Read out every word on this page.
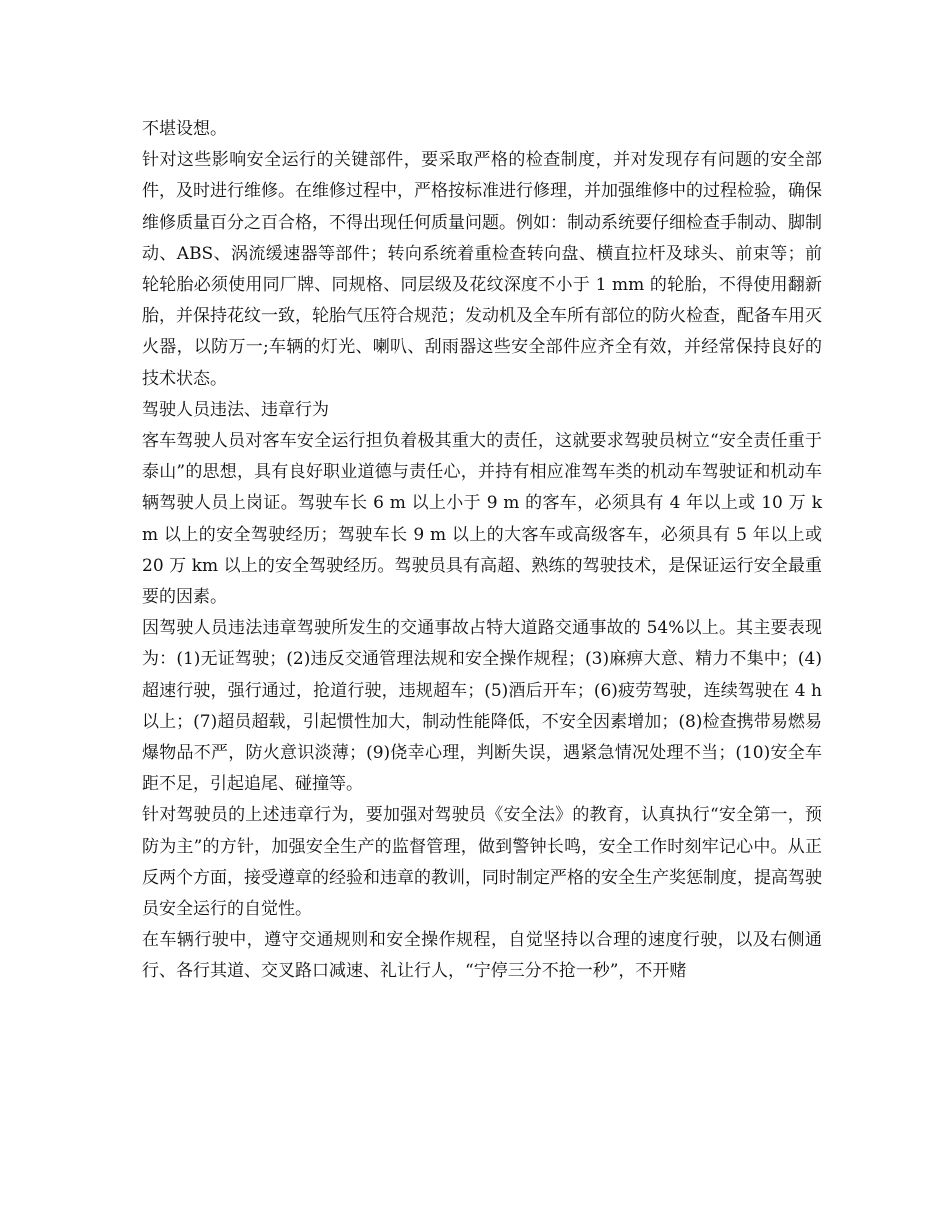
不堪设想。

针对这些影响安全运行的关键部件，要采取严格的检查制度，并对发现存有问题的安全部件，及时进行维修。在维修过程中，严格按标准进行修理，并加强维修中的过程检验，确保维修质量百分之百合格，不得出现任何质量问题。例如：制动系统要仔细检查手制动、脚制动、ABS、涡流缓速器等部件；转向系统着重检查转向盘、横直拉杆及球头、前束等；前轮轮胎必须使用同厂牌、同规格、同层级及花纹深度不小于 1 mm 的轮胎，不得使用翻新胎，并保持花纹一致，轮胎气压符合规范；发动机及全车所有部位的防火检查，配备车用灭火器，以防万一;车辆的灯光、喇叭、刮雨器这些安全部件应齐全有效，并经常保持良好的技术状态。

驾驶人员违法、违章行为

客车驾驶人员对客车安全运行担负着极其重大的责任，这就要求驾驶员树立“安全责任重于泰山”的思想，具有良好职业道德与责任心，并持有相应准驾车类的机动车驾驶证和机动车辆驾驶人员上岗证。驾驶车长 6 m 以上小于 9 m 的客车，必须具有 4 年以上或 10 万 km 以上的安全驾驶经历；驾驶车长 9 m 以上的大客车或高级客车，必须具有 5 年以上或 20 万 km 以上的安全驾驶经历。驾驶员具有高超、熟练的驾驶技术，是保证运行安全最重要的因素。

因驾驶人员违法违章驾驶所发生的交通事故占特大道路交通事故的 54%以上。其主要表现为：(1)无证驾驶；(2)违反交通管理法规和安全操作规程；(3)麻痹大意、精力不集中；(4)超速行驶，强行通过，抢道行驶，违规超车；(5)酒后开车；(6)疲劳驾驶，连续驾驶在 4 h 以上；(7)超员超载，引起惯性加大，制动性能降低，不安全因素增加；(8)检查携带易燃易爆物品不严，防火意识淡薄；(9)侥幸心理，判断失误，遇紧急情况处理不当；(10)安全车距不足，引起追尾、碰撞等。

针对驾驶员的上述违章行为，要加强对驾驶员《安全法》的教育，认真执行“安全第一，预防为主”的方针，加强安全生产的监督管理，做到警钟长鸣，安全工作时刻牢记心中。从正反两个方面，接受遵章的经验和违章的教训，同时制定严格的安全生产奖惩制度，提高驾驶员安全运行的自觉性。

在车辆行驶中，遵守交通规则和安全操作规程，自觉坚持以合理的速度行驶，以及右侧通行、各行其道、交叉路口减速、礼让行人，“宁停三分不抢一秒”，不开赌
